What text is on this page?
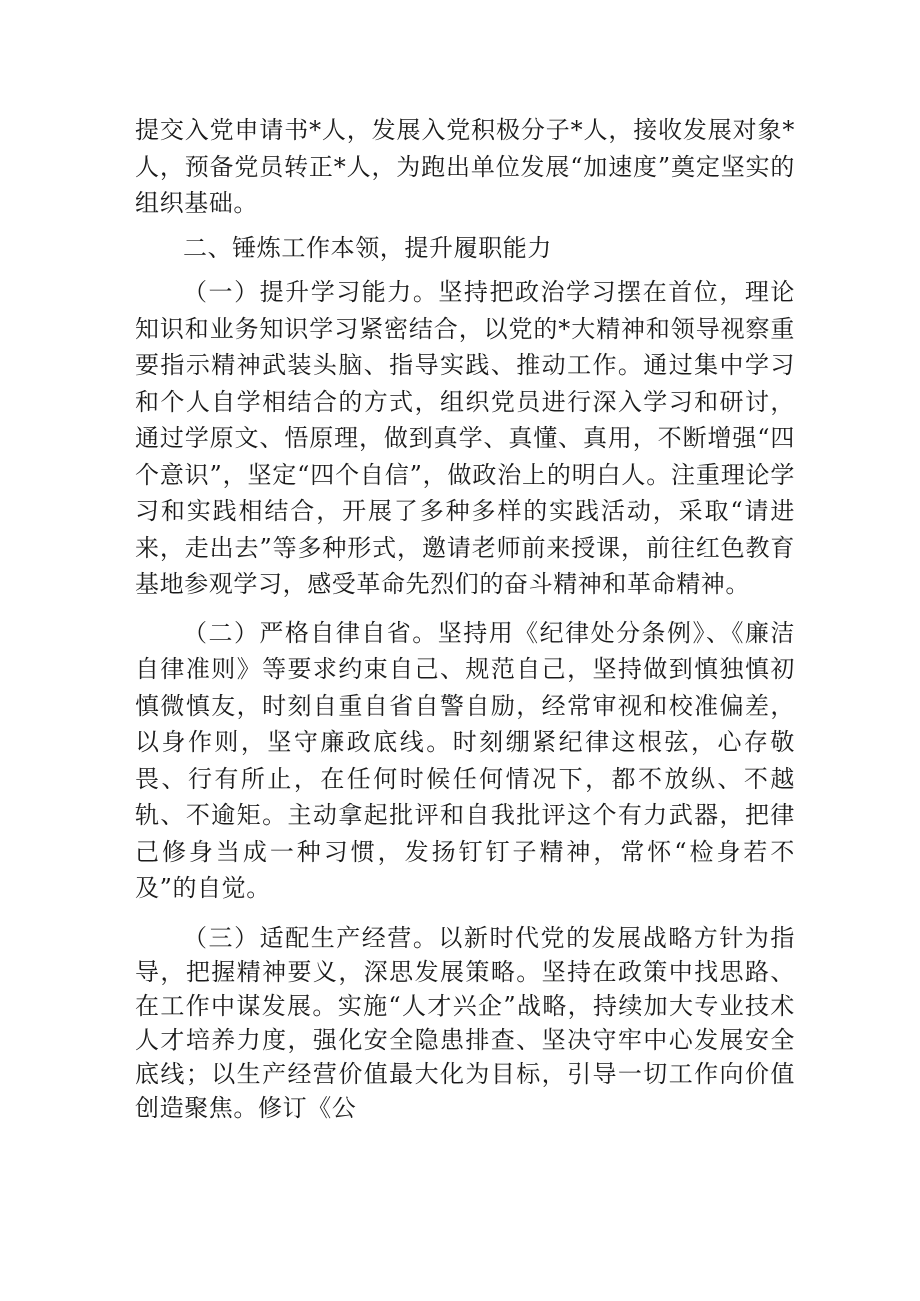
提交入党申请书*人，发展入党积极分子*人，接收发展对象*人，预备党员转正*人，为跑出单位发展“加速度”奠定坚实的组织基础。

二、锤炼工作本领，提升履职能力

（一）提升学习能力。坚持把政治学习摆在首位，理论知识和业务知识学习紧密结合，以党的*大精神和领导视察重要指示精神武装头脑、指导实践、推动工作。通过集中学习和个人自学相结合的方式，组织党员进行深入学习和研讨，通过学原文、悟原理，做到真学、真懂、真用，不断增强“四个意识”，坚定“四个自信”，做政治上的明白人。注重理论学习和实践相结合，开展了多种多样的实践活动，采取“请进来，走出去”等多种形式，邀请老师前来授课，前往红色教育基地参观学习，感受革命先烈们的奋斗精神和革命精神。

（二）严格自律自省。坚持用《纪律处分条例》、《廉洁自律准则》等要求约束自己、规范自己，坚持做到慎独慎初慎微慎友，时刻自重自省自警自励，经常审视和校准偏差，以身作则，坚守廉政底线。时刻绷紧纪律这根弦，心存敬畏、行有所止，在任何时候任何情况下，都不放纵、不越轨、不逾矩。主动拿起批评和自我批评这个有力武器，把律己修身当成一种习惯，发扬钉钉子精神，常怀“检身若不及”的自觉。

（三）适配生产经营。以新时代党的发展战略方针为指导，把握精神要义，深思发展策略。坚持在政策中找思路、在工作中谋发展。实施“人才兴企”战略，持续加大专业技术人才培养力度，强化安全隐患排查、坚决守牢中心发展安全底线；以生产经营价值最大化为目标，引导一切工作向价值创造聚焦。修订《公
